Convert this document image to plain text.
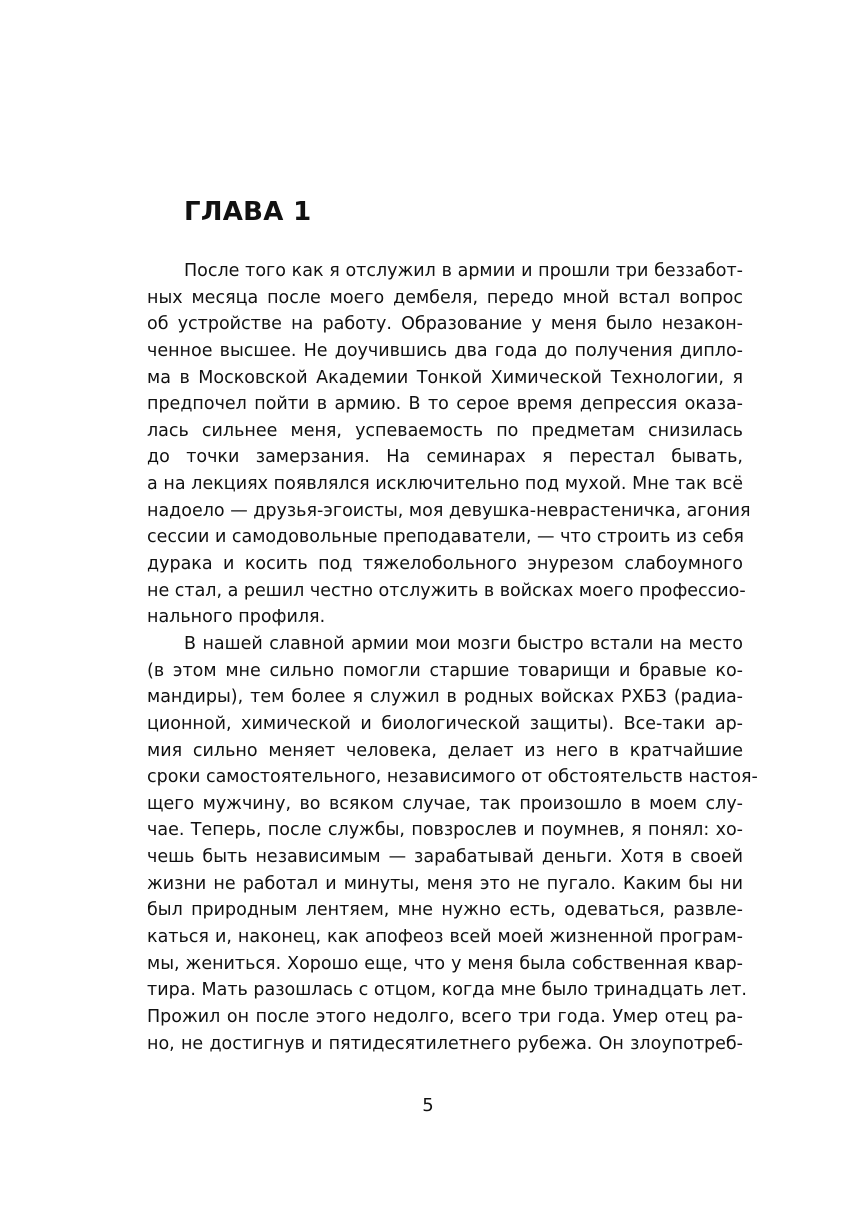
ГЛАВА 1

После того как я отслужил в армии и прошли три беззабот-
ных месяца после моего дембеля, передо мной встал вопрос
об устройстве на работу. Образование у меня было незакон-
ченное высшее. Не доучившись два года до получения дипло-
ма в Московской Академии Тонкой Химической Технологии, я
предпочел пойти в армию. В то серое время депрессия оказа-
лась сильнее меня, успеваемость по предметам снизилась
до точки замерзания. На семинарах я перестал бывать,
а на лекциях появлялся исключительно под мухой. Мне так всё
надоело — друзья-эгоисты, моя девушка-неврастеничка, агония
сессии и самодовольные преподаватели, — что строить из себя
дурака и косить под тяжелобольного энурезом слабоумного
не стал, а решил честно отслужить в войсках моего профессио-
нального профиля.

В нашей славной армии мои мозги быстро встали на место
(в этом мне сильно помогли старшие товарищи и бравые ко-
мандиры), тем более я служил в родных войсках РХБЗ (радиа-
ционной, химической и биологической защиты). Все-таки ар-
мия сильно меняет человека, делает из него в кратчайшие
сроки самостоятельного, независимого от обстоятельств настоя-
щего мужчину, во всяком случае, так произошло в моем слу-
чае. Теперь, после службы, повзрослев и поумнев, я понял: хо-
чешь быть независимым — зарабатывай деньги. Хотя в своей
жизни не работал и минуты, меня это не пугало. Каким бы ни
был природным лентяем, мне нужно есть, одеваться, развле-
каться и, наконец, как апофеоз всей моей жизненной програм-
мы, жениться. Хорошо еще, что у меня была собственная квар-
тира. Мать разошлась с отцом, когда мне было тринадцать лет.
Прожил он после этого недолго, всего три года. Умер отец ра-
но, не достигнув и пятидесятилетнего рубежа. Он злоупотреб-

5
